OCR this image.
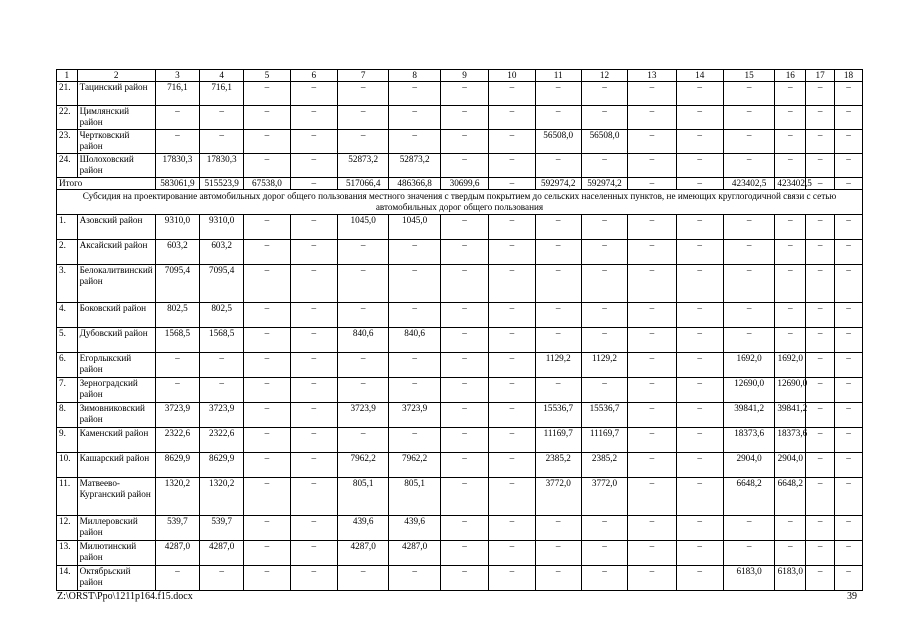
1	2	3	4	5	6	7	8	9	10	11	12	13	14	15	16	17	18
21.	Тацинский район	716,1	716,1	–	–	–	–	–	–	–	–	–	–	–	–	–	–
22.	Цимлянский район	–	–	–	–	–	–	–	–	–	–	–	–	–	–	–	–
23.	Чертковский район	–	–	–	–	–	–	–	–	56508,0	56508,0	–	–	–	–	–	–
24.	Шолоховский район	17830,3	17830,3	–	–	52873,2	52873,2	–	–	–	–	–	–	–	–	–	–
Итого		583061,9	515523,9	67538,0	–	517066,4	486366,8	30699,6	–	592974,2	592974,2	–	–	423402,5	423402,5	–	–
Субсидия на проектирование автомобильных дорог общего пользования местного значения с твердым покрытием до сельских населенных пунктов, не имеющих круглогодичной связи с сетью автомобильных дорог общего пользования																	
1.	Азовский район	9310,0	9310,0	–	–	1045,0	1045,0	–	–	–	–	–	–	–	–	–	–
2.	Аксайский район	603,2	603,2	–	–	–	–	–	–	–	–	–	–	–	–	–	–
3.	Белокалитвинский район	7095,4	7095,4	–	–	–	–	–	–	–	–	–	–	–	–	–	–
4.	Боковский район	802,5	802,5	–	–	–	–	–	–	–	–	–	–	–	–	–	–
5.	Дубовский район	1568,5	1568,5	–	–	840,6	840,6	–	–	–	–	–	–	–	–	–	–
6.	Егорлыкский район	–	–	–	–	–	–	–	–	1129,2	1129,2	–	–	1692,0	1692,0	–	–
7.	Зерноградский район	–	–	–	–	–	–	–	–	–	–	–	–	12690,0	12690,0	–	–
8.	Зимовниковский район	3723,9	3723,9	–	–	3723,9	3723,9	–	–	15536,7	15536,7	–	–	39841,2	39841,2	–	–
9.	Каменский район	2322,6	2322,6	–	–	–	–	–	–	11169,7	11169,7	–	–	18373,6	18373,6	–	–
10.	Кашарский район	8629,9	8629,9	–	–	7962,2	7962,2	–	–	2385,2	2385,2	–	–	2904,0	2904,0	–	–
11.	Матвеево-Курганский район	1320,2	1320,2	–	–	805,1	805,1	–	–	3772,0	3772,0	–	–	6648,2	6648,2	–	–
12.	Миллеровский район	539,7	539,7	–	–	439,6	439,6	–	–	–	–	–	–	–	–	–	–
13.	Милютинский район	4287,0	4287,0	–	–	4287,0	4287,0	–	–	–	–	–	–	–	–	–	–
14.	Октябрьский район	–	–	–	–	–	–	–	–	–	–	–	–	6183,0	6183,0	–	–
Z:\ORST\Ppo\1211p164.f15.docx	39
